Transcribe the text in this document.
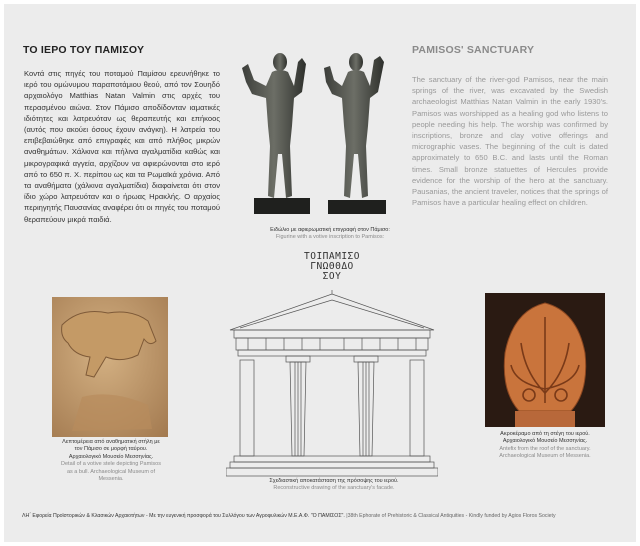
ΤΟ ΙΕΡΟ ΤΟΥ ΠΑΜΙΣΟΥ
Κοντά στις πηγές του ποταμού Παμίσου ερευνήθηκε το ιερό του ομώνυμου παραποτάμιου θεού, από τον Σουηδό αρχαιολόγο Matthias Natan Valmin στις αρχές του περασμένου αιώνα. Στον Πάμισο αποδίδονταν ιαματικές ιδιότητες και λατρευόταν ως θεραπευτής και επήκοος (αυτός που ακούει όσους έχουν ανάγκη). Η λατρεία του επιβεβαιώθηκε από επιγραφές και από πλήθος μικρών αναθημάτων. Χάλκινα και πήλινα αγαλματίδια καθώς και μικρογραφικά αγγεία, αρχίζουν να αφιερώνονται στο ιερό από το 650 π. Χ. περίπου ως και τα Ρωμαϊκά χρόνια. Από τα αναθήματα (χάλκινα αγαλματίδια) διαφαίνεται ότι στον ίδιο χώρο λατρευόταν και ο ήρωας Ηρακλής. Ο αρχαίος περιηγητής Παυσανίας αναφέρει ότι οι πηγές του ποταμού θεραπεύουν μικρά παιδιά.
PAMISOS' SANCTUARY
The sanctuary of the river-god Pamisos, near the main springs of the river, was excavated by the Swedish archaeologist Matthias Natan Valmin in the early 1930's. Pamisos was worshipped as a healing god who listens to people needing his help. The worship was confirmed by inscriptions, bronze and clay votive offerings and micrographic vases. The beginning of the cult is dated approximately to 650 B.C. and lasts until the Roman times. Small bronze statuettes of Hercules provide evidence for the worship of the hero at the sanctuary. Pausanias, the ancient traveler, notices that the springs of Pamisos have a particular healing effect on children.
Ειδώλιο με αφιερωματική επιγραφή στον Πάμισο:
Figurine with a votive inscription to Pamisos:
ΤΟΙΠΑΜΙΣΟ
ΓΝΩΘΘΔΟ
ΣΟΥ
Σχεδιαστική αποκατάσταση της πρόσοψης του ιερού.
Reconstructive drawing of the sanctuary's facade.
Λεπτομέρεια από αναθηματική στήλη με
τον Πάμισο σε μορφή ταύρου.
Αρχαιολογικό Μουσείο Μεσσηνίας.
Detail of a votive stele depicting Pamisos
as a bull. Archaeological Museum of
Messenia.
Ακροκέραμο από τη στέγη του ιερού.
Αρχαιολογικό Μουσείο Μεσσηνίας.
Antefix from the roof of the sanctuary.
Archaeological Museum of Messenia.
ΛΗ΄ Εφορεία Προϊστορικών & Κλασικών Αρχαιοτήτων - Με την ευγενική προσφορά του Συλλόγου των Αγροφυλικών Μ.Ε.Α.Φ. "Ο ΠΑΜΙΣΟΣ". |38th Ephorate of Prehistoric & Classical Antiquities - Kindly funded by Agios Floros Society
